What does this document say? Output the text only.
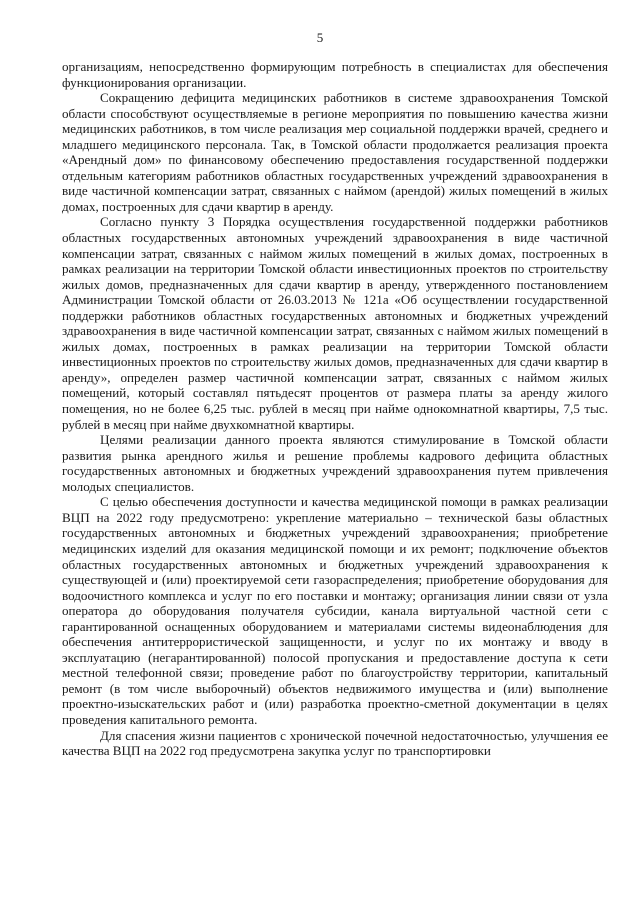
5

организациям, непосредственно формирующим потребность в специалистах для обеспечения функционирования организации.

Сокращению дефицита медицинских работников в системе здравоохранения Томской области способствуют осуществляемые в регионе мероприятия по повышению качества жизни медицинских работников, в том числе реализация мер социальной поддержки врачей, среднего и младшего медицинского персонала. Так, в Томской области продолжается реализация проекта «Арендный дом» по финансовому обеспечению предоставления государственной поддержки отдельным категориям работников областных государственных учреждений здравоохранения в виде частичной компенсации затрат, связанных с наймом (арендой) жилых помещений в жилых домах, построенных для сдачи квартир в аренду.

Согласно пункту 3 Порядка осуществления государственной поддержки работников областных государственных автономных учреждений здравоохранения в виде частичной компенсации затрат, связанных с наймом жилых помещений в жилых домах, построенных в рамках реализации на территории Томской области инвестиционных проектов по строительству жилых домов, предназначенных для сдачи квартир в аренду, утвержденного постановлением Администрации Томской области от 26.03.2013 № 121а «Об осуществлении государственной поддержки работников областных государственных автономных и бюджетных учреждений здравоохранения в виде частичной компенсации затрат, связанных с наймом жилых помещений в жилых домах, построенных в рамках реализации на территории Томской области инвестиционных проектов по строительству жилых домов, предназначенных для сдачи квартир в аренду», определен размер частичной компенсации затрат, связанных с наймом жилых помещений, который составлял пятьдесят процентов от размера платы за аренду жилого помещения, но не более 6,25 тыс. рублей в месяц при найме однокомнатной квартиры, 7,5 тыс. рублей в месяц при найме двухкомнатной квартиры.

Целями реализации данного проекта являются стимулирование в Томской области развития рынка арендного жилья и решение проблемы кадрового дефицита областных государственных автономных и бюджетных учреждений здравоохранения путем привлечения молодых специалистов.

С целью обеспечения доступности и качества медицинской помощи в рамках реализации ВЦП на 2022 году предусмотрено: укрепление материально – технической базы областных государственных автономных и бюджетных учреждений здравоохранения; приобретение медицинских изделий для оказания медицинской помощи и их ремонт; подключение объектов областных государственных автономных и бюджетных учреждений здравоохранения к существующей и (или) проектируемой сети газораспределения; приобретение оборудования для водоочистного комплекса и услуг по его поставки и монтажу; организация линии связи от узла оператора до оборудования получателя субсидии, канала виртуальной частной сети с гарантированной оснащенных оборудованием и материалами системы видеонаблюдения для обеспечения антитеррористической защищенности, и услуг по их монтажу и вводу в эксплуатацию (негарантированной) полосой пропускания и предоставление доступа к сети местной телефонной связи; проведение работ по благоустройству территории, капитальный ремонт (в том числе выборочный) объектов недвижимого имущества и (или) выполнение проектно-изыскательских работ и (или) разработка проектно-сметной документации в целях проведения капитального ремонта.

Для спасения жизни пациентов с хронической почечной недостаточностью, улучшения ее качества ВЦП на 2022 год предусмотрена закупка услуг по транспортировки
